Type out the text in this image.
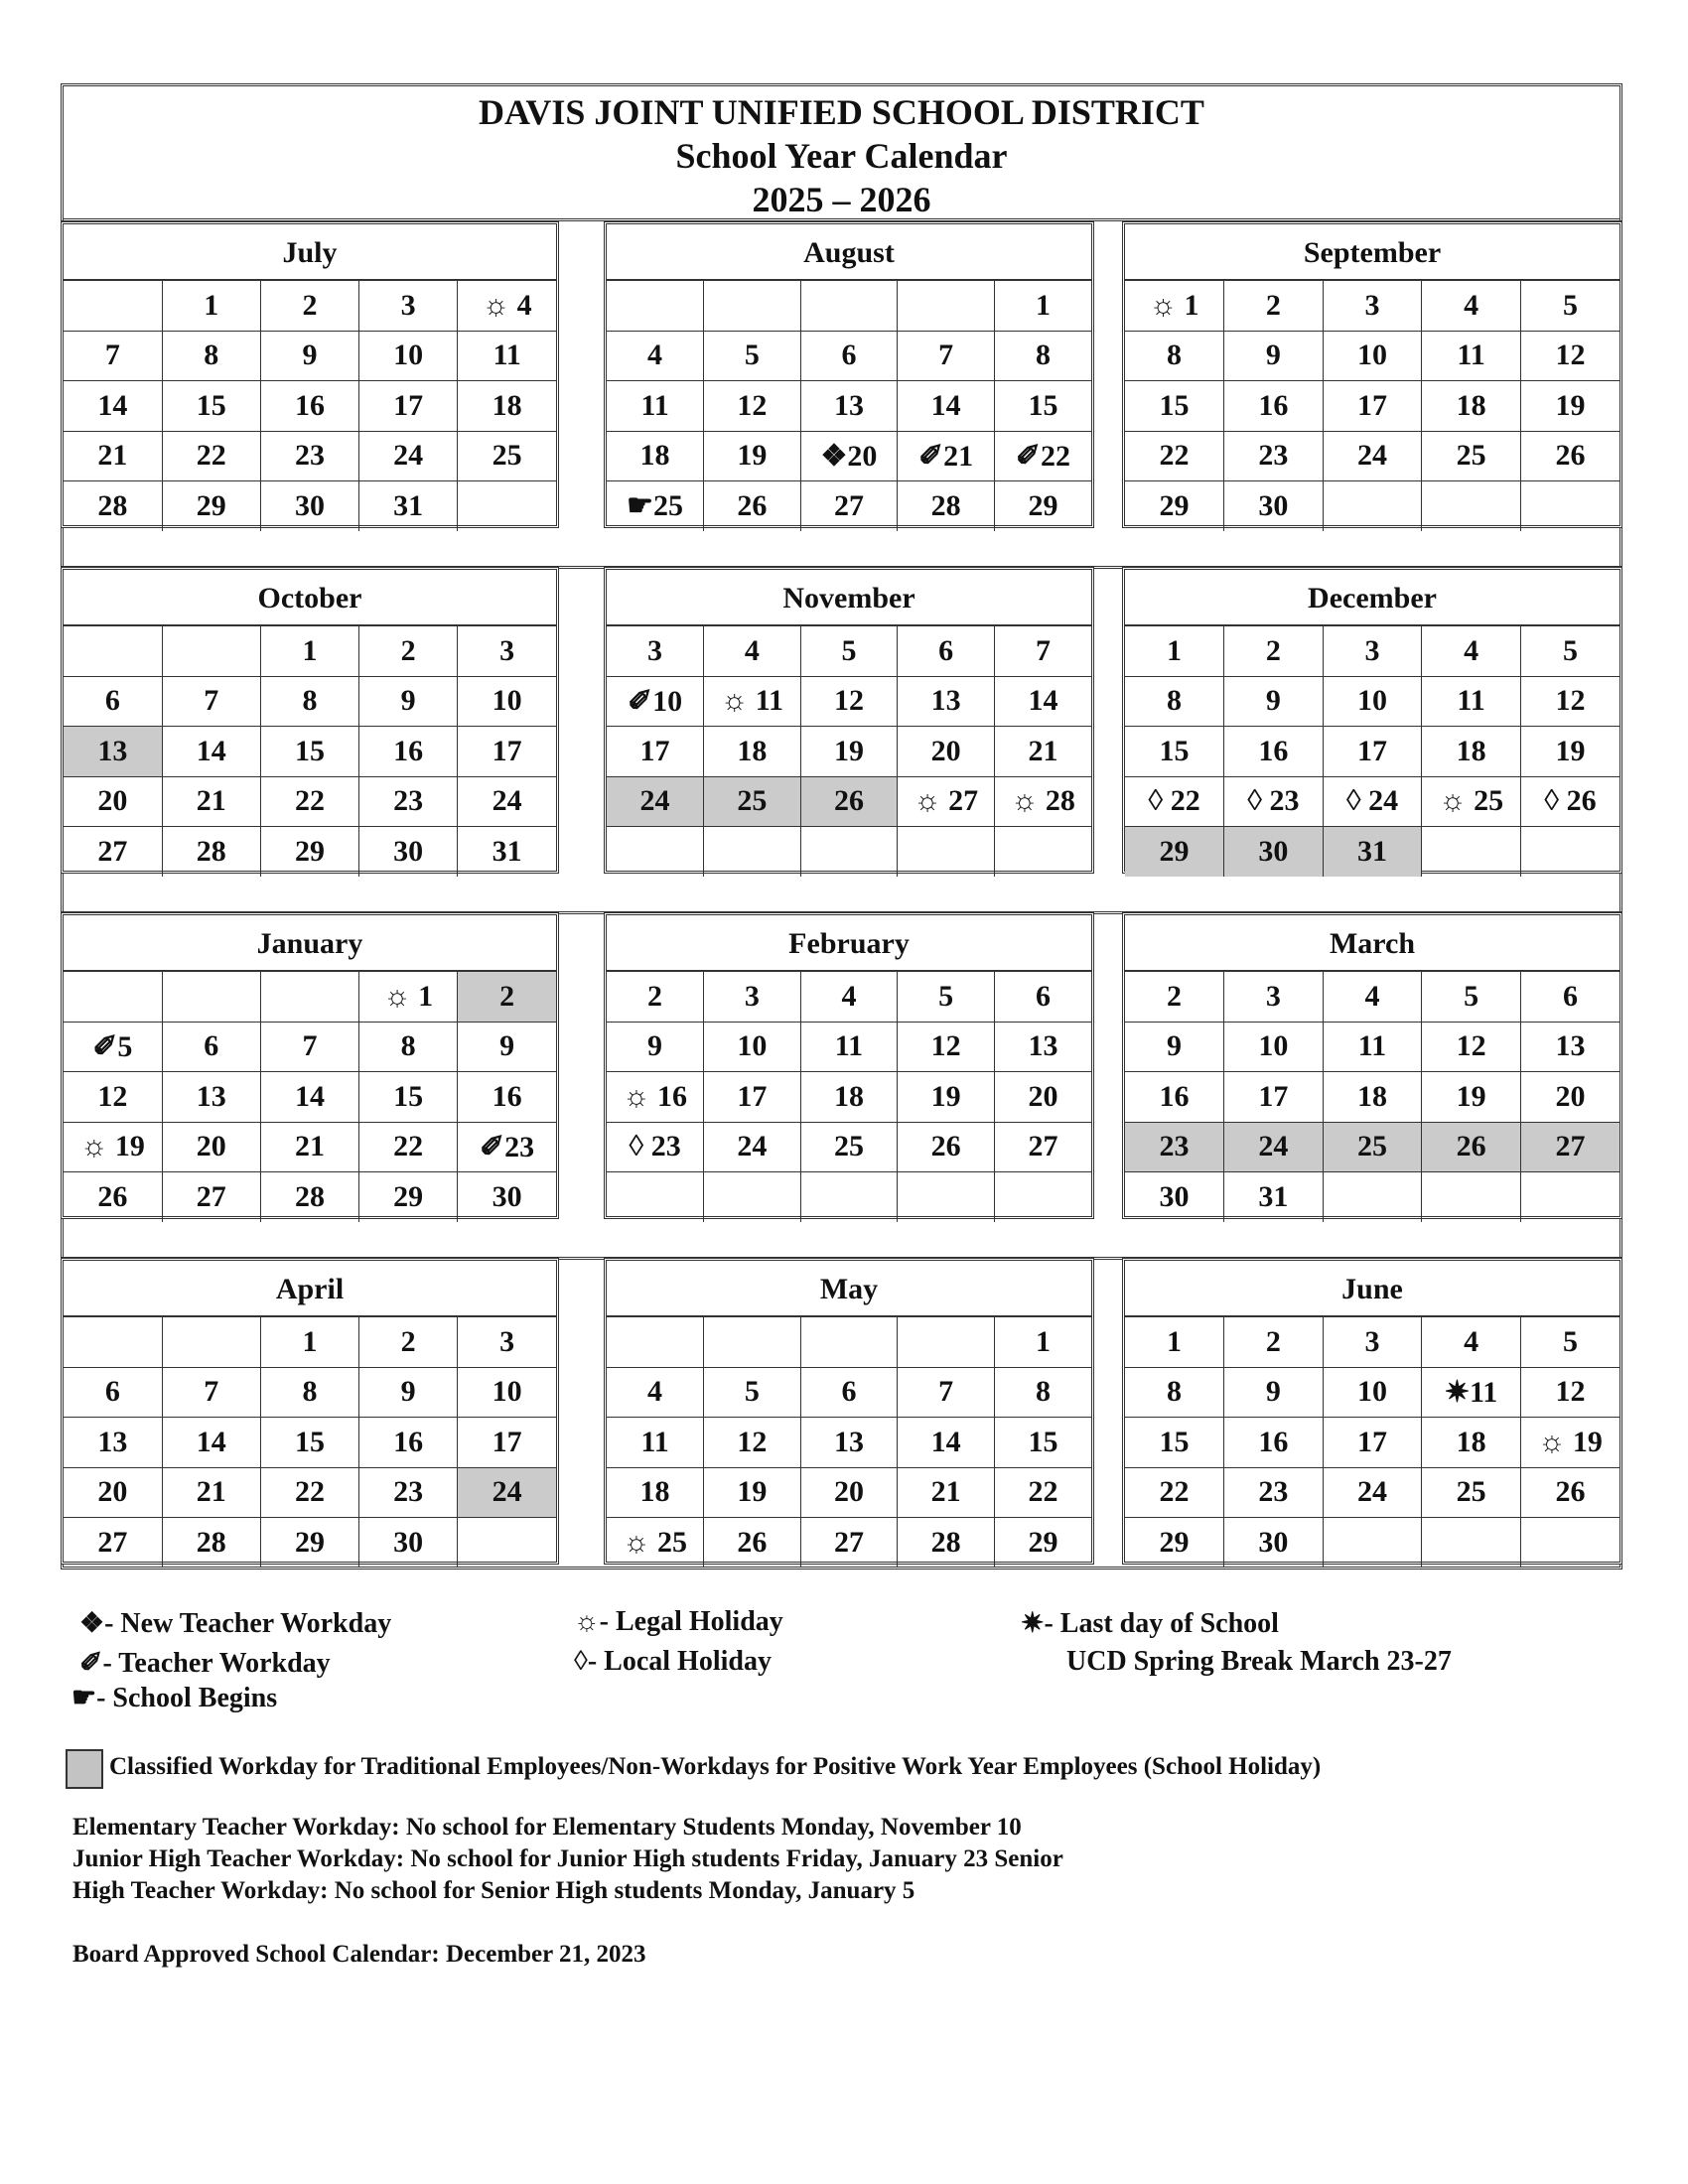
DAVIS JOINT UNIFIED SCHOOL DISTRICT
School Year Calendar
2025 – 2026
July
	1	2	3	☼ 4
7	8	9	10	11
14	15	16	17	18
21	22	23	24	25
28	29	30	31	
August
				1
4	5	6	7	8
11	12	13	14	15
18	19	❖20	✐21	✐22
☛25	26	27	28	29
September
☼ 1	2	3	4	5
8	9	10	11	12
15	16	17	18	19
22	23	24	25	26
29	30			
October
		1	2	3
6	7	8	9	10
13	14	15	16	17
20	21	22	23	24
27	28	29	30	31
November
3	4	5	6	7
✐10	☼ 11	12	13	14
17	18	19	20	21
24	25	26	☼ 27	☼ 28

December
1	2	3	4	5
8	9	10	11	12
15	16	17	18	19
◊ 22	◊ 23	◊ 24	☼ 25	◊ 26
29	30	31		
January
			☼ 1	2
✐5	6	7	8	9
12	13	14	15	16
☼ 19	20	21	22	✐23
26	27	28	29	30
February
2	3	4	5	6
9	10	11	12	13
☼ 16	17	18	19	20
◊ 23	24	25	26	27

March
2	3	4	5	6
9	10	11	12	13
16	17	18	19	20
23	24	25	26	27
30	31			
April
		1	2	3
6	7	8	9	10
13	14	15	16	17
20	21	22	23	24
27	28	29	30	
May
				1
4	5	6	7	8
11	12	13	14	15
18	19	20	21	22
☼ 25	26	27	28	29
June
1	2	3	4	5
8	9	10	✷11	12
15	16	17	18	☼ 19
22	23	24	25	26
29	30			
❖- New Teacher Workday
✐- Teacher Workday
☛- School Begins
☼- Legal Holiday
◊- Local Holiday
✷- Last day of School
UCD Spring Break March 23-27
Classified Workday for Traditional Employees/Non-Workdays for Positive Work Year Employees (School Holiday)
Elementary Teacher Workday: No school for Elementary Students Monday, November 10
Junior High Teacher Workday: No school for Junior High students Friday, January 23 Senior
High Teacher Workday: No school for Senior High students Monday, January 5
Board Approved School Calendar: December 21, 2023
